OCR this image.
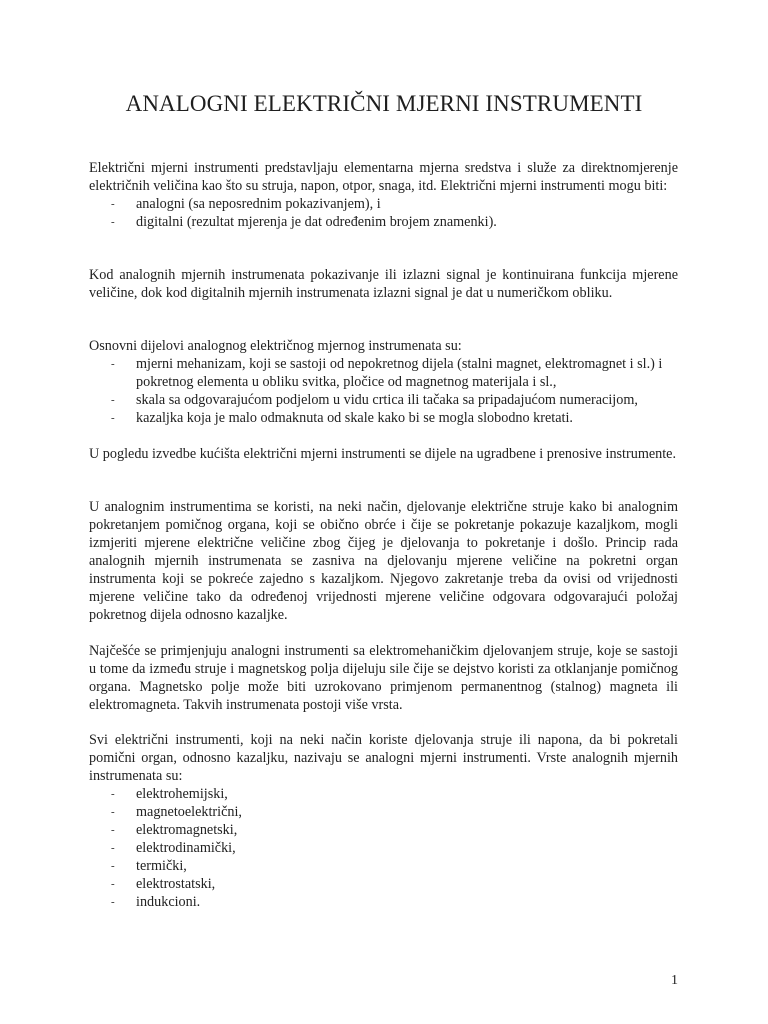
ANALOGNI ELEKTRIČNI MJERNI INSTRUMENTI

Električni mjerni instrumenti predstavljaju elementarna mjerna sredstva i služe za direktnomjerenje električnih veličina kao što su struja, napon, otpor, snaga, itd. Električni mjerni instrumenti mogu biti:

- analogni (sa neposrednim pokazivanjem), i
- digitalni (rezultat mjerenja je dat određenim brojem znamenki).

Kod analognih mjernih instrumenata pokazivanje ili izlazni signal je kontinuirana funkcija mjerene veličine, dok kod digitalnih mjernih instrumenata izlazni signal je dat u numeričkom obliku.

Osnovni dijelovi analognog električnog mjernog instrumenata su:

- mjerni mehanizam, koji se sastoji od nepokretnog dijela (stalni magnet, elektromagnet i sl.) i pokretnog elementa u obliku svitka, pločice od magnetnog materijala i sl.,
- skala sa odgovarajućom podjelom u vidu crtica ili tačaka sa pripadajućom numeracijom,
- kazaljka koja je malo odmaknuta od skale kako bi se mogla slobodno kretati.

U pogledu izvedbe kućišta električni mjerni instrumenti se dijele na ugradbene i prenosive instrumente.

U analognim instrumentima se koristi, na neki način, djelovanje električne struje kako bi analognim pokretanjem pomičnog organa, koji se obično obrće i čije se pokretanje pokazuje kazaljkom, mogli izmjeriti mjerene električne veličine zbog čijeg je djelovanja to pokretanje i došlo. Princip rada analognih mjernih instrumenata se zasniva na djelovanju mjerene veličine na pokretni organ instrumenta koji se pokreće zajedno s kazaljkom. Njegovo zakretanje treba da ovisi od vrijednosti mjerene veličine tako da određenoj vrijednosti mjerene veličine odgovara odgovarajući položaj pokretnog dijela odnosno kazaljke.

Najčešće se primjenjuju analogni instrumenti sa elektromehaničkim djelovanjem struje, koje se sastoji u tome da između struje i magnetskog polja dijeluju sile čije se dejstvo koristi za otklanjanje pomičnog organa. Magnetsko polje može biti uzrokovano primjenom permanentnog (stalnog) magneta ili elektromagneta. Takvih instrumenata postoji više vrsta.

Svi električni instrumenti, koji na neki način koriste djelovanja struje ili napona, da bi pokretali pomični organ, odnosno kazaljku, nazivaju se analogni mjerni instrumenti. Vrste analognih mjernih instrumenata su:

- elektrohemijski,
- magnetoelektrični,
- elektromagnetski,
- elektrodinamički,
- termički,
- elektrostatski,
- indukcioni.
1
